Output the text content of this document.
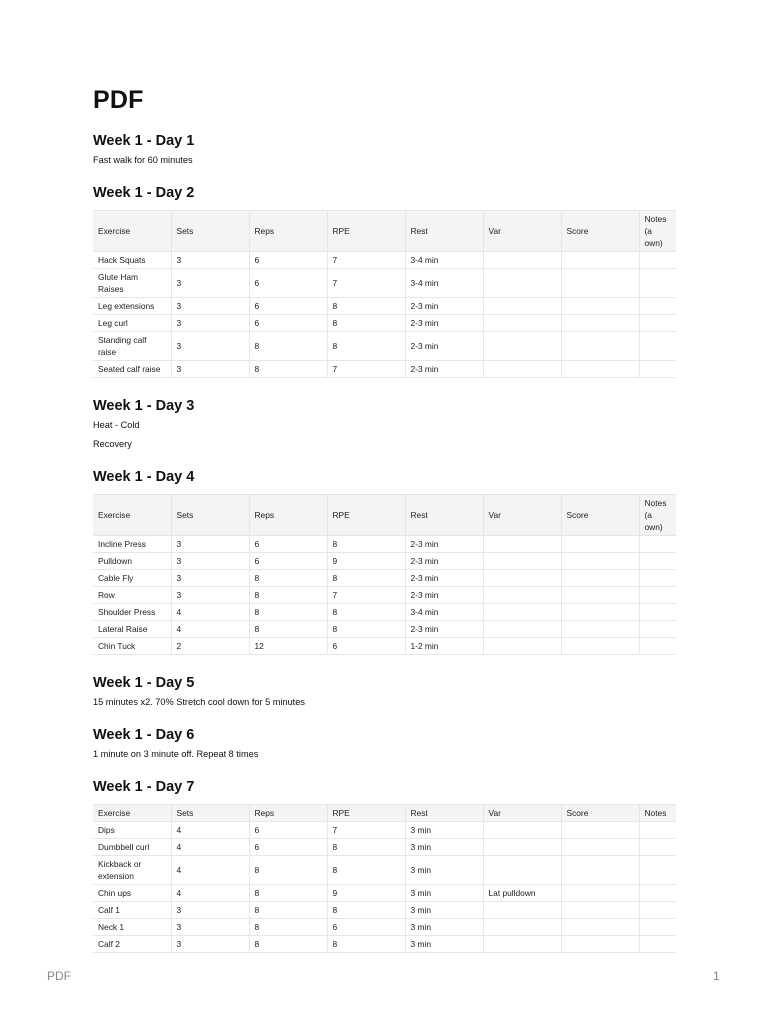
PDF
Week 1 - Day 1

Fast walk for 60 minutes

Week 1 - Day 2
Exercise	Sets	Reps	RPE	Rest	Var	Score	Notes (a own)
Hack Squats	3	6	7	3-4 min			
Glute Ham Raises	3	6	7	3-4 min			
Leg extensions	3	6	8	2-3 min			
Leg curl	3	6	8	2-3 min			
Standing calf raise	3	8	8	2-3 min			
Seated calf raise	3	8	7	2-3 min			
Week 1 - Day 3

Heat - Cold

Recovery

Week 1 - Day 4
Exercise	Sets	Reps	RPE	Rest	Var	Score	Notes (a own)
Incline Press	3	6	8	2-3 min			
Pulldown	3	6	9	2-3 min			
Cable Fly	3	8	8	2-3 min			
Row	3	8	7	2-3 min			
Shoulder Press	4	8	8	3-4 min			
Lateral Raise	4	8	8	2-3 min			
Chin Tuck	2	12	6	1-2 min			
Week 1 - Day 5

15 minutes x2. 70% Stretch cool down for 5 minutes

Week 1 - Day 6

1 minute on 3 minute off. Repeat 8 times

Week 1 - Day 7
Exercise	Sets	Reps	RPE	Rest	Var	Score	Notes
Dips	4	6	7	3 min			
Dumbbell curl	4	6	8	3 min			
Kickback or extension	4	8	8	3 min			
Chin ups	4	8	9	3 min	Lat pulldown		
Calf 1	3	8	8	3 min			
Neck 1	3	8	6	3 min			
Calf 2	3	8	8	3 min			
PDF	1
